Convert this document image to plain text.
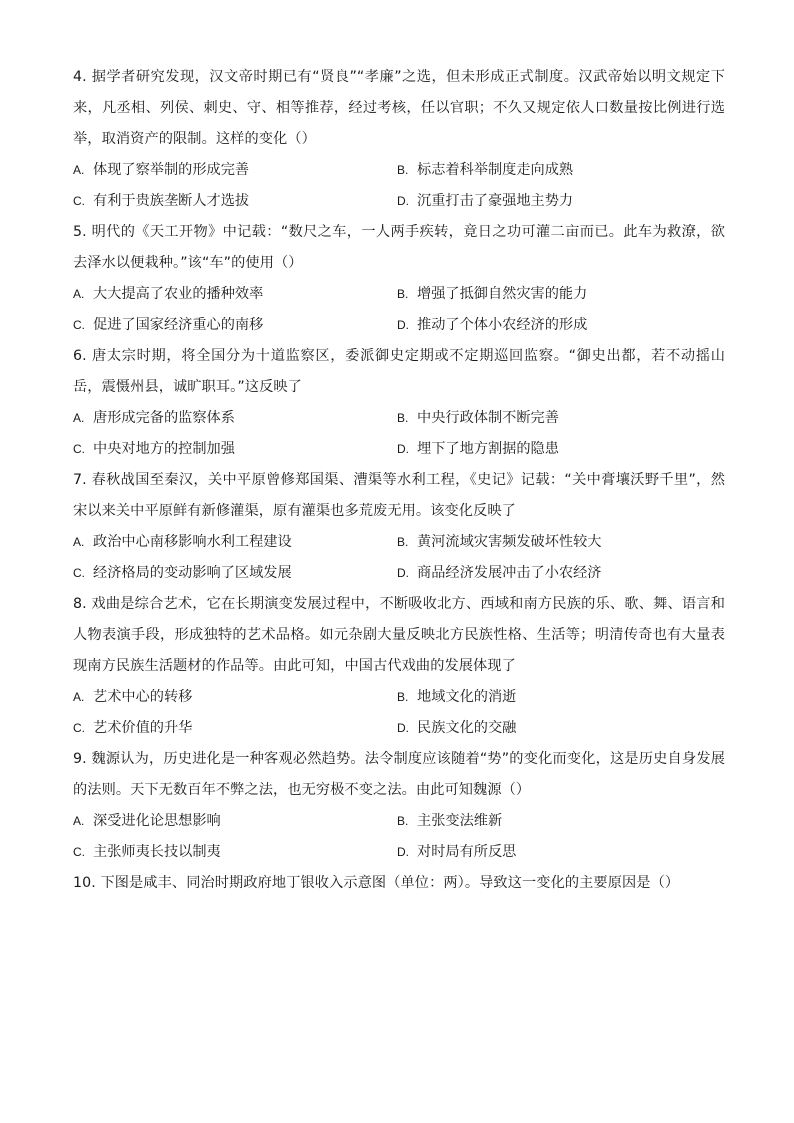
4. 据学者研究发现，汉文帝时期已有“贤良”“孝廉”之选，但未形成正式制度。汉武帝始以明文规定下来，凡丞相、列侯、刺史、守、相等推荐，经过考核，任以官职；不久又规定依人口数量按比例进行选举，取消资产的限制。这样的变化（）

A. 体现了察举制的形成完善	B. 标志着科举制度走向成熟
C. 有利于贵族垄断人才选拔	D. 沉重打击了豪强地主势力

5. 明代的《天工开物》中记载：“数尺之车，一人两手疾转，竟日之功可灌二亩而已。此车为救潦，欲去泽水以便栽种。”该“车”的使用（）

A. 大大提高了农业的播种效率	B. 增强了抵御自然灾害的能力
C. 促进了国家经济重心的南移	D. 推动了个体小农经济的形成

6. 唐太宗时期，将全国分为十道监察区，委派御史定期或不定期巡回监察。“御史出都，若不动摇山岳，震慑州县，诚旷职耳。”这反映了

A. 唐形成完备的监察体系	B. 中央行政体制不断完善
C. 中央对地方的控制加强	D. 埋下了地方割据的隐患

7. 春秋战国至秦汉，关中平原曾修郑国渠、漕渠等水利工程，《史记》记载：“关中膏壤沃野千里”，然宋以来关中平原鲜有新修灌渠，原有灌渠也多荒废无用。该变化反映了

A. 政治中心南移影响水利工程建设	B. 黄河流域灾害频发破坏性较大
C. 经济格局的变动影响了区域发展	D. 商品经济发展冲击了小农经济

8. 戏曲是综合艺术，它在长期演变发展过程中，不断吸收北方、西域和南方民族的乐、歌、舞、语言和人物表演手段，形成独特的艺术品格。如元杂剧大量反映北方民族性格、生活等；明清传奇也有大量表现南方民族生活题材的作品等。由此可知，中国古代戏曲的发展体现了

A. 艺术中心的转移	B. 地域文化的消逝
C. 艺术价值的升华	D. 民族文化的交融

9. 魏源认为，历史进化是一种客观必然趋势。法令制度应该随着“势”的变化而变化，这是历史自身发展的法则。天下无数百年不弊之法，也无穷极不变之法。由此可知魏源（）

A. 深受进化论思想影响	B. 主张变法维新
C. 主张师夷长技以制夷	D. 对时局有所反思

10. 下图是咸丰、同治时期政府地丁银收入示意图（单位：两）。导致这一变化的主要原因是（）
